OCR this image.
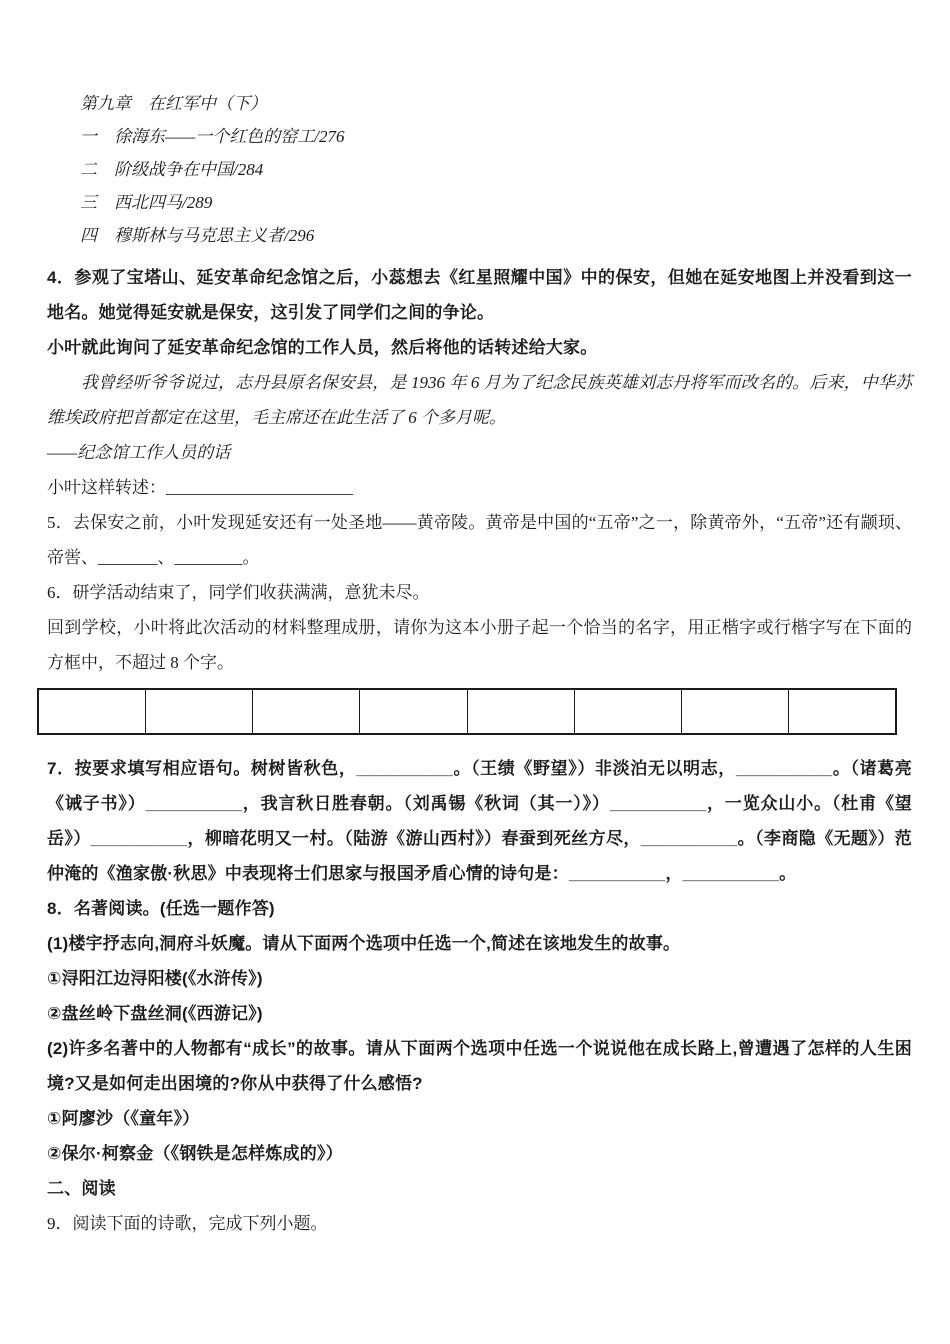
第九章　在红军中（下）

一　徐海东——一个红色的窑工/276

二　阶级战争在中国/284

三　西北四马/289

四　穆斯林与马克思主义者/296

4．参观了宝塔山、延安革命纪念馆之后，小蕊想去《红星照耀中国》中的保安，但她在延安地图上并没看到这一地名。她觉得延安就是保安，这引发了同学们之间的争论。

小叶就此询问了延安革命纪念馆的工作人员，然后将他的话转述给大家。

我曾经听爷爷说过，志丹县原名保安县，是 1936 年 6 月为了纪念民族英雄刘志丹将军而改名的。后来，中华苏维埃政府把首都定在这里，毛主席还在此生活了 6 个多月呢。

——纪念馆工作人员的话

小叶这样转述：______________________

5．去保安之前，小叶发现延安还有一处圣地——黄帝陵。黄帝是中国的“五帝”之一，除黄帝外，“五帝”还有颛顼、帝喾、_______、________。

6．研学活动结束了，同学们收获满满，意犹未尽。

回到学校，小叶将此次活动的材料整理成册，请你为这本小册子起一个恰当的名字，用正楷字或行楷字写在下面的方框中，不超过 8 个字。

7．按要求填写相应语句。树树皆秋色，__________。（王绩《野望》）非淡泊无以明志，__________。（诸葛亮《诫子书》）__________，我言秋日胜春朝。（刘禹锡《秋词（其一）》）__________，一览众山小。（杜甫《望岳》）__________，柳暗花明又一村。（陆游《游山西村》）春蚕到死丝方尽，__________。（李商隐《无题》）范仲淹的《渔家傲·秋思》中表现将士们思家与报国矛盾心情的诗句是：__________，__________。

8．名著阅读。(任选一题作答)

(1)楼宇抒志向,洞府斗妖魔。请从下面两个选项中任选一个,简述在该地发生的故事。

①浔阳江边浔阳楼(《水浒传》)

②盘丝岭下盘丝洞(《西游记》)

(2)许多名著中的人物都有“成长”的故事。请从下面两个选项中任选一个说说他在成长路上,曾遭遇了怎样的人生困境?又是如何走出困境的?你从中获得了什么感悟?

①阿廖沙（《童年》）

②保尔·柯察金（《钢铁是怎样炼成的》）

二、阅读

9．阅读下面的诗歌，完成下列小题。
